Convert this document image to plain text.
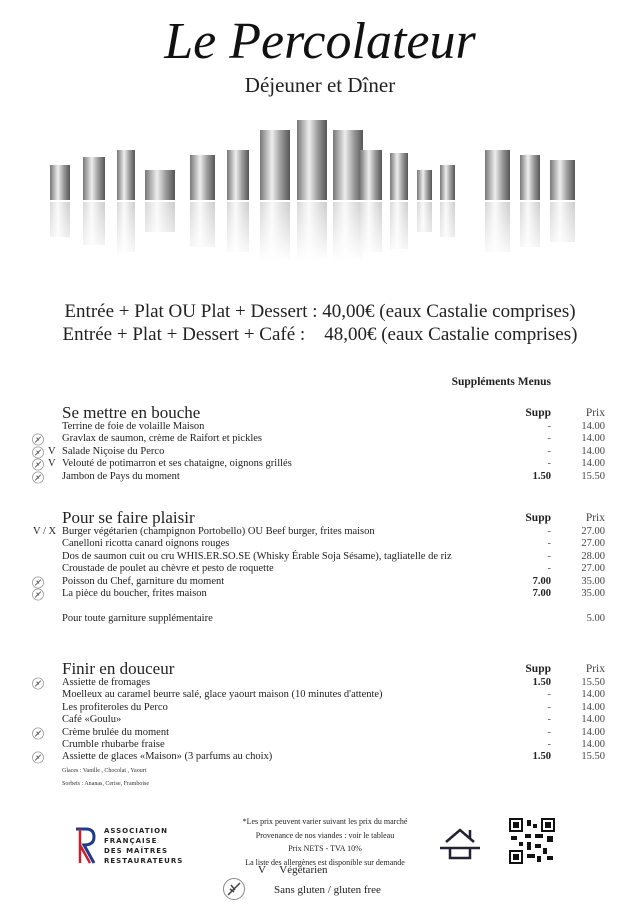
Le Percolateur
Déjeuner et Dîner
Entrée + Plat OU Plat + Dessert : 40,00€ (eaux Castalie comprises)
Entrée + Plat + Dessert + Café : 48,00€ (eaux Castalie comprises)
Suppléments Menus
Se mettre en bouche	Supp	Prix
Terrine de foie de volaille Maison	-	14.00
Gravlax de saumon, crème de Raifort et pickles	-	14.00
V Salade Niçoise du Perco	-	14.00
V Velouté de potimarron et ses chataigne, oignons grillés	-	14.00
Jambon de Pays du moment	1.50	15.50
Pour se faire plaisir	Supp	Prix
V / X Burger végétarien (champignon Portobello) OU Beef burger, frites maison	-	27.00
Canelloni ricotta canard oignons rouges	-	27.00
Dos de saumon cuit ou cru WHIS.ER.SO.SE (Whisky Érable Soja Sésame), tagliatelle de riz	-	28.00
Croustade de poulet au chèvre et pesto de roquette	-	27.00
Poisson du Chef, garniture du moment	7.00	35.00
La pièce du boucher, frites maison	7.00	35.00
Pour toute garniture supplémentaire	5.00
Finir en douceur	Supp	Prix
Assiette de fromages	1.50	15.50
Moelleux au caramel beurre salé, glace yaourt maison (10 minutes d'attente)	-	14.00
Les profiteroles du Perco	-	14.00
Café «Goulu»	-	14.00
Crème brulée du moment	-	14.00
Crumble rhubarbe fraise	-	14.00
Assiette de glaces «Maison» (3 parfums au choix)	1.50	15.50
Glaces : Vanille , Chocolat , Yaourt
Sorbets : Ananas, Cerise, Framboise
ASSOCIATION
FRANÇAISE
DES MAÎTRES
RESTAURATEURS
*Les prix peuvent varier suivant les prix du marché
Provenance de nos viandes : voir le tableau
Prix NETS - TVA 10%
La liste des allergènes est disponible sur demande
V     Végétarien
Sans gluten / gluten free
